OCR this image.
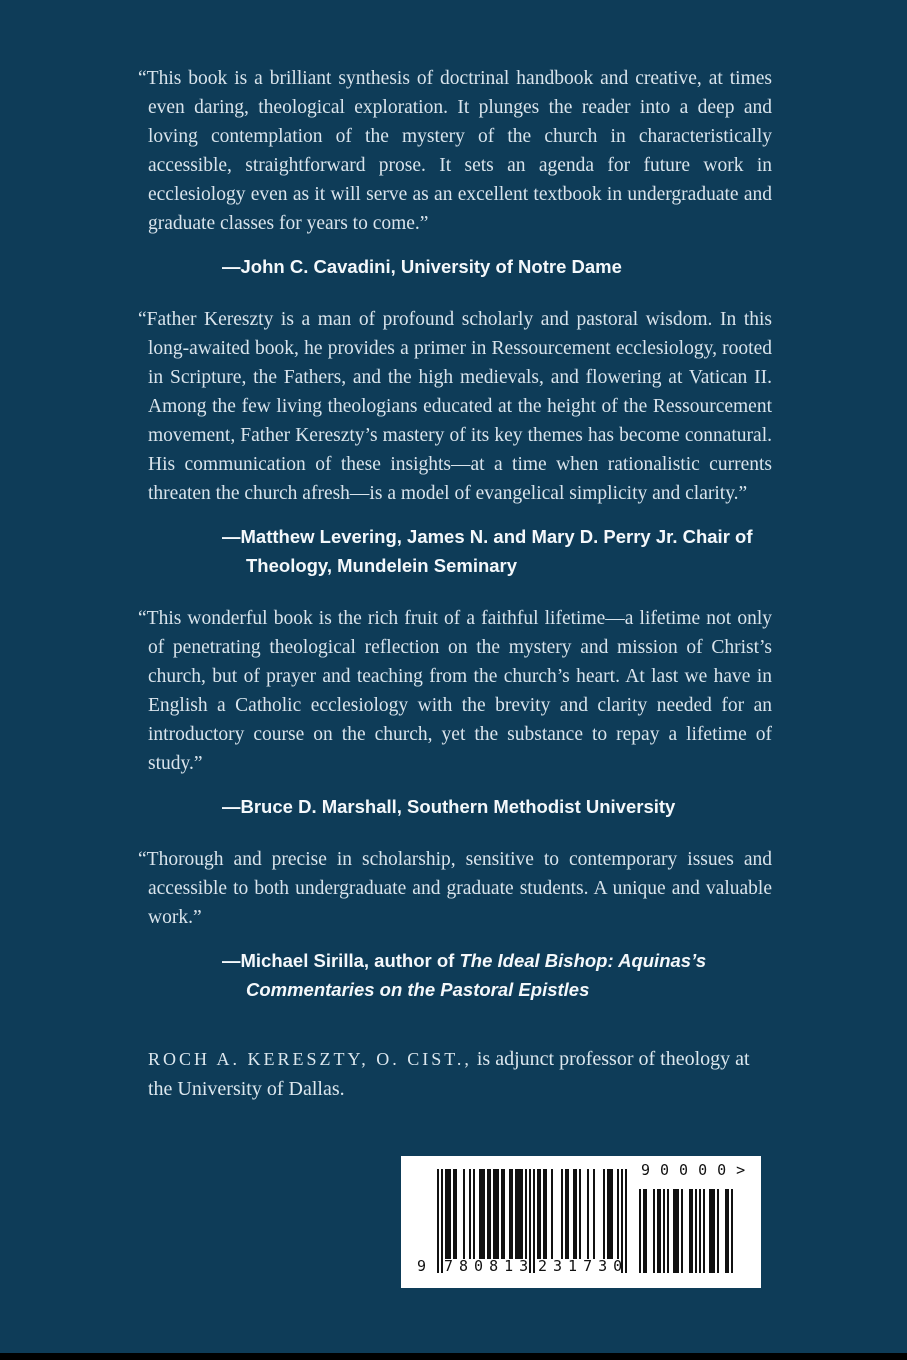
“This book is a brilliant synthesis of doctrinal handbook and creative, at times even daring, theological exploration. It plunges the reader into a deep and loving contemplation of the mystery of the church in characteristically accessible, straightforward prose. It sets an agenda for future work in ecclesiology even as it will serve as an excellent textbook in undergraduate and graduate classes for years to come.”

—John C. Cavadini, University of Notre Dame

“Father Kereszty is a man of profound scholarly and pastoral wisdom. In this long-awaited book, he provides a primer in Ressourcement ecclesiology, rooted in Scripture, the Fathers, and the high medievals, and flowering at Vatican II. Among the few living theologians educated at the height of the Ressourcement movement, Father Kereszty’s mastery of its key themes has become connatural. His communication of these insights—at a time when rationalistic currents threaten the church afresh—is a model of evangelical simplicity and clarity.”

—Matthew Levering, James N. and Mary D. Perry Jr. Chair of Theology, Mundelein Seminary

“This wonderful book is the rich fruit of a faithful lifetime—a lifetime not only of penetrating theological reflection on the mystery and mission of Christ’s church, but of prayer and teaching from the church’s heart. At last we have in English a Catholic ecclesiology with the brevity and clarity needed for an introductory course on the church, yet the substance to repay a lifetime of study.”

—Bruce D. Marshall, Southern Methodist University

“Thorough and precise in scholarship, sensitive to contemporary issues and accessible to both undergraduate and graduate students. A unique and valuable work.”

—Michael Sirilla, author of The Ideal Bishop: Aquinas’s Commentaries on the Pastoral Epistles

ROCH A. KERESZTY, O. CIST., is adjunct professor of theology at the University of Dallas.

9 780813 231730
90000>
